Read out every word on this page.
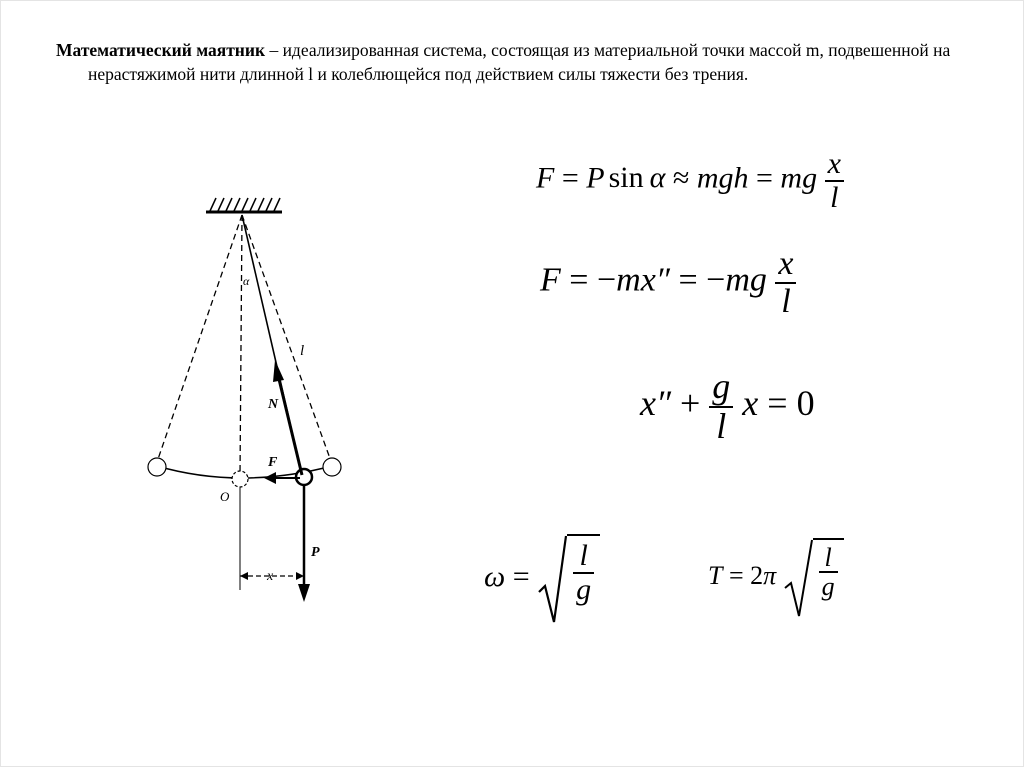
Математический маятник – идеализированная система, состоящая из материальной точки массой m, подвешенной на нерастяжимой нити длинной l и колеблющейся под действием силы тяжести без трения.

α
l
N
F
P
O
x
F = P sin α ≈ mgh = mg $\frac{x}{l}$
$F = -mx'' = -mg \frac{x}{l}$
$x'' + \frac{g}{l}$ x = 0
$\omega = \frac{l}{g}$	$T = 2\pi \frac{l}{g}$
